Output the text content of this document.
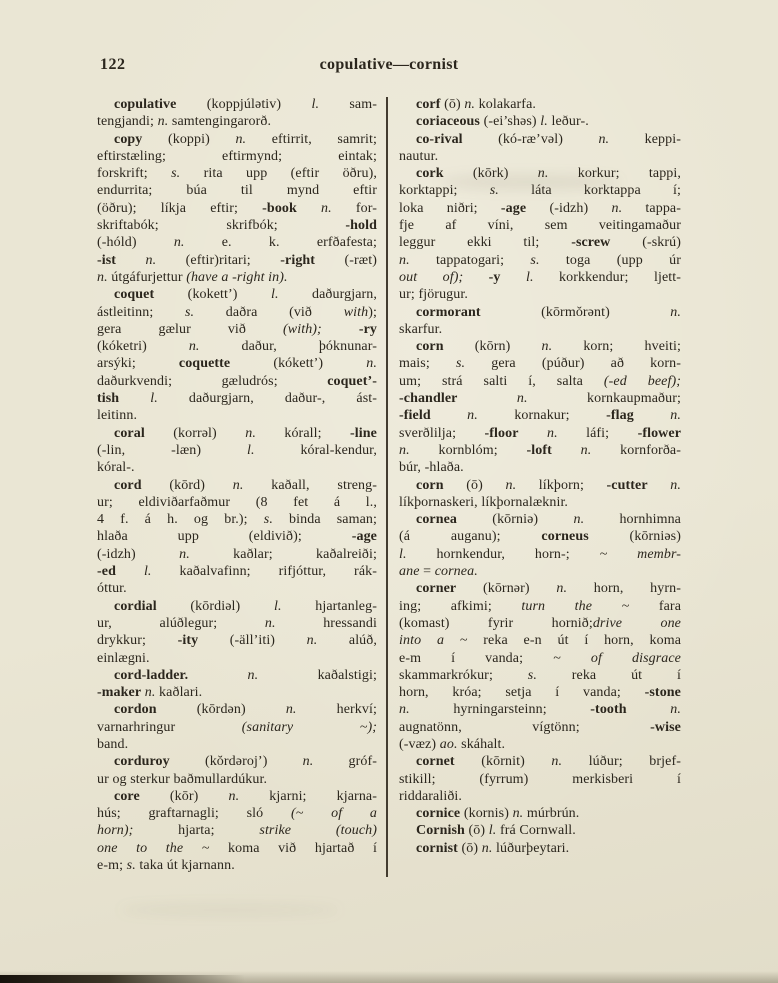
122	copulative—cornist
copulative (koppjúlətiv) l. sam-
tengjandi; n. samtengingarorð.
copy (koppi) n. eftirrit, samrit;
eftirstæling; eftirmynd; eintak;
forskrift; s. rita upp (eftir öðru),
endurrita; búa til mynd eftir
(öðru); líkja eftir; -book n. for-
skriftabók; skrifbók; -hold
(-hóld) n. e. k. erfðafesta;
-ist n. (eftir)ritari; -right (-ræt)
n. útgáfurjettur (have a -right in).
coquet (kokett’) l. daðurgjarn,
ástleitinn; s. daðra (við with);
gera gælur við (with);	-ry
(kóketri) n. daður, þóknunar-
arsýki; coquette (kókett’) n.
daðurkvendi; gæludrós; coquet’-
tish l. daðurgjarn, daður-, ást-
leitinn.
coral (korrəl) n. kórall; -line
(-lin, -læn) l. kóral-kendur,
kóral-.
cord (kōrd) n. kaðall, streng-
ur; eldiviðarfaðmur (8 fet á l.,
4 f. á h. og br.); s. binda saman;
hlaða upp (eldivið); -age
(-idzh) n. kaðlar; kaðalreiði;
-ed l. kaðalvafinn; rifjóttur, rák-
óttur.
cordial (kōrdiəl) l. hjartanleg-
ur, alúðlegur; n. hressandi
drykkur; -ity (-äll’iti) n. alúð,
einlægni.
cord-ladder.	n. kaðalstigi;
-maker n. kaðlari.
cordon (kōrdən) n. herkví;
varnarhringur (sanitary ~);
band.
corduroy (kŏrdəroj’) n. gróf-
ur og sterkur baðmullardúkur.
core (kōr) n. kjarni; kjarna-
hús; graftarnagli; sló (~ of a
horn); hjarta; strike (touch)
one to the ~ koma við hjartað í
e-m; s. taka út kjarnann.
corf (ō) n. kolakarfa.
coriaceous (-ei’shəs) l. leður-.
co-rival (kó-ræ’vəl) n. keppi-
nautur.
cork (kōrk) n. korkur; tappi,
korktappi; s. láta korktappa í;
loka niðri; -age (-idzh) n. tappa-
fje af víni, sem veitingamaður
leggur ekki til; -screw (-skrú)
n. tappatogari; s. toga (upp úr
out of); -y l. korkkendur; ljett-
ur; fjörugur.
cormorant (kōrmŏrənt) n.
skarfur.
corn (kōrn) n. korn; hveiti;
mais; s. gera (púður) að korn-
um; strá salti í, salta (-ed beef);
-chandler	n. kornkaupmaður;
-field	n. kornakur; -flag	n.
sverðlilja; -floor n. láfi; -flower
n. kornblóm; -loft n. kornforða-
búr, -hlaða.
corn (ō) n. líkþorn; -cutter n.
líkþornaskeri, líkþornalæknir.
cornea (kōrniə) n. hornhimna
(á auganu); corneus (kōrniəs)
l. hornkendur, horn-; ~ membr-
ane = cornea.
corner (kōrnər) n. horn, hyrn-
ing; afkimi; turn the ~ fara
(komast) fyrir hornið;drive one
into a ~ reka e-n út í horn, koma
e-m í vanda; ~ of disgrace
skammarkrókur; s. reka út í
horn, króa; setja í vanda; -stone
n. hyrningarsteinn; -tooth	n.
augnatönn, vígtönn; -wise
(-væz) ao. skáhalt.
cornet (kōrnit) n. lúður; brjef-
stikill; (fyrrum) merkisberi í
riddaraliði.
cornice (kornis) n. múrbrún.
Cornish (ō) l. frá Cornwall.
cornist (ō) n. lúðurþeytari.
